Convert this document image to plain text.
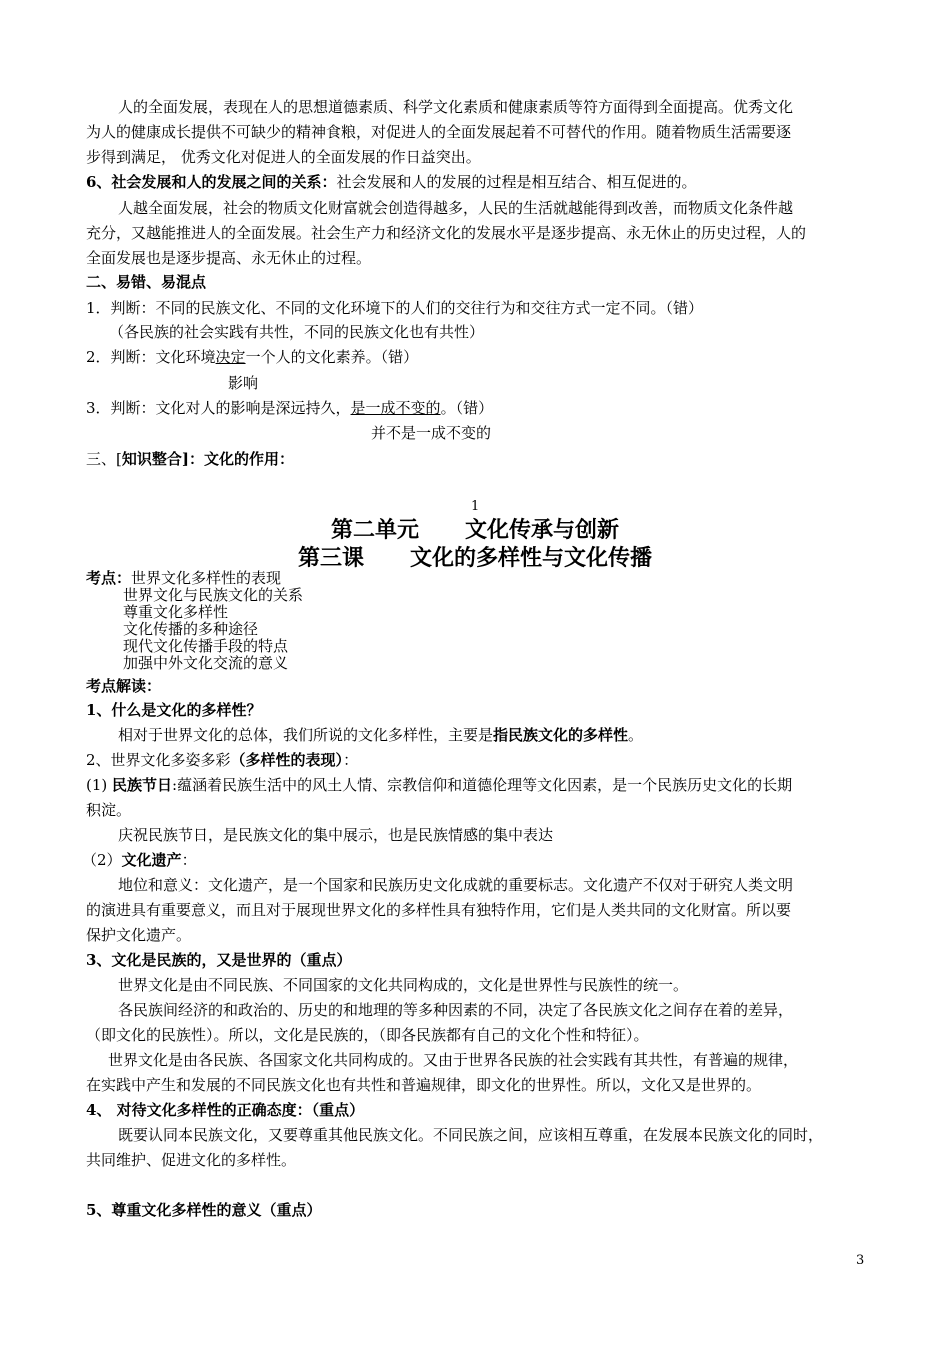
人的全面发展，表现在人的思想道德素质、科学文化素质和健康素质等符方面得到全面提高。优秀文化
为人的健康成长提供不可缺少的精神食粮，对促进人的全面发展起着不可替代的作用。随着物质生活需要逐
步得到满足， 优秀文化对促进人的全面发展的作日益突出。
6、社会发展和人的发展之间的关系：社会发展和人的发展的过程是相互结合、相互促进的。
人越全面发展，社会的物质文化财富就会创造得越多，人民的生活就越能得到改善，而物质文化条件越
充分，又越能推进人的全面发展。社会生产力和经济文化的发展水平是逐步提高、永无休止的历史过程，人的
全面发展也是逐步提高、永无休止的过程。
二、易错、易混点
1．判断：不同的民族文化、不同的文化环境下的人们的交往行为和交往方式一定不同。（错）
（各民族的社会实践有共性，不同的民族文化也有共性）
2．判断：文化环境决定一个人的文化素养。（错）
影响
3．判断：文化对人的影响是深远持久，是一成不变的。（错）
并不是一成不变的
三、[知识整合]：文化的作用：
1
第二单元      文化传承与创新
第三课      文化的多样性与文化传播
考点：世界文化多样性的表现
世界文化与民族文化的关系
尊重文化多样性
文化传播的多种途径
现代文化传播手段的特点
加强中外文化交流的意义
考点解读：
1、什么是文化的多样性？
相对于世界文化的总体，我们所说的文化多样性，主要是指民族文化的多样性。
2、世界文化多姿多彩（多样性的表现）：
(1) 民族节日:蕴涵着民族生活中的风土人情、宗教信仰和道德伦理等文化因素，是一个民族历史文化的长期
积淀。
庆祝民族节日，是民族文化的集中展示，也是民族情感的集中表达
（2）文化遗产：
地位和意义：文化遗产，是一个国家和民族历史文化成就的重要标志。文化遗产不仅对于研究人类文明
的演进具有重要意义，而且对于展现世界文化的多样性具有独特作用，它们是人类共同的文化财富。所以要
保护文化遗产。
3、文化是民族的，又是世界的（重点）
世界文化是由不同民族、不同国家的文化共同构成的，文化是世界性与民族性的统一。
各民族间经济的和政治的、历史的和地理的等多种因素的不同，决定了各民族文化之间存在着的差异，
（即文化的民族性）。所以，文化是民族的，（即各民族都有自己的文化个性和特征）。
世界文化是由各民族、各国家文化共同构成的。又由于世界各民族的社会实践有其共性，有普遍的规律，
在实践中产生和发展的不同民族文化也有共性和普遍规律，即文化的世界性。所以，文化又是世界的。
4、 对待文化多样性的正确态度：（重点）
既要认同本民族文化，又要尊重其他民族文化。不同民族之间，应该相互尊重，在发展本民族文化的同时，
共同维护、促进文化的多样性。
5、尊重文化多样性的意义（重点）
3
